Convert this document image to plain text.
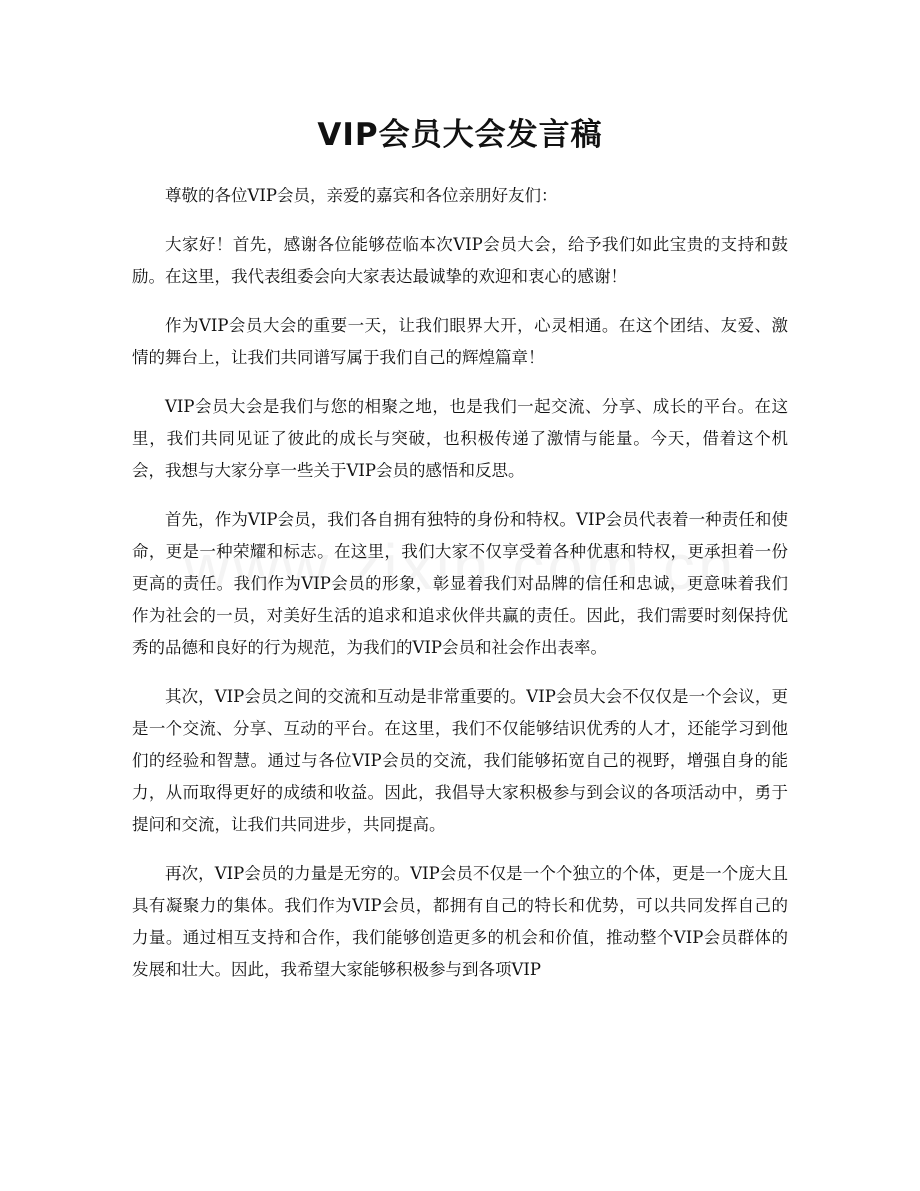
VIP会员大会发言稿

尊敬的各位VIP会员，亲爱的嘉宾和各位亲朋好友们：

大家好！首先，感谢各位能够莅临本次VIP会员大会，给予我们如此宝贵的支持和鼓励。在这里，我代表组委会向大家表达最诚挚的欢迎和衷心的感谢！

作为VIP会员大会的重要一天，让我们眼界大开，心灵相通。在这个团结、友爱、激情的舞台上，让我们共同谱写属于我们自己的辉煌篇章！

VIP会员大会是我们与您的相聚之地，也是我们一起交流、分享、成长的平台。在这里，我们共同见证了彼此的成长与突破，也积极传递了激情与能量。今天，借着这个机会，我想与大家分享一些关于VIP会员的感悟和反思。

首先，作为VIP会员，我们各自拥有独特的身份和特权。VIP会员代表着一种责任和使命，更是一种荣耀和标志。在这里，我们大家不仅享受着各种优惠和特权，更承担着一份更高的责任。我们作为VIP会员的形象，彰显着我们对品牌的信任和忠诚，更意味着我们作为社会的一员，对美好生活的追求和追求伙伴共赢的责任。因此，我们需要时刻保持优秀的品德和良好的行为规范，为我们的VIP会员和社会作出表率。

其次，VIP会员之间的交流和互动是非常重要的。VIP会员大会不仅仅是一个会议，更是一个交流、分享、互动的平台。在这里，我们不仅能够结识优秀的人才，还能学习到他们的经验和智慧。通过与各位VIP会员的交流，我们能够拓宽自己的视野，增强自身的能力，从而取得更好的成绩和收益。因此，我倡导大家积极参与到会议的各项活动中，勇于提问和交流，让我们共同进步，共同提高。

再次，VIP会员的力量是无穷的。VIP会员不仅是一个个独立的个体，更是一个庞大且具有凝聚力的集体。我们作为VIP会员，都拥有自己的特长和优势，可以共同发挥自己的力量。通过相互支持和合作，我们能够创造更多的机会和价值，推动整个VIP会员群体的发展和壮大。因此，我希望大家能够积极参与到各项VIP
